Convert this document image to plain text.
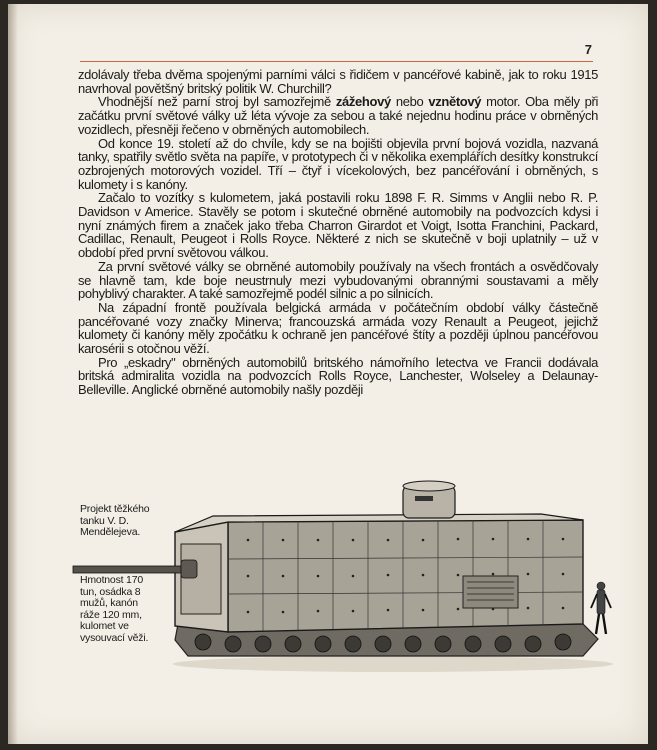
7

zdolávaly třeba dvěma spojenými parními válci s řidičem v pancéřové kabině, jak to roku 1915 navrhoval povětšný britský politik W. Churchill?

Vhodnější než parní stroj byl samozřejmě zážehový nebo vznětový motor. Oba měly při začátku první světové války už léta vývoje za sebou a také nejednu hodinu práce v obrněných vozidlech, přesněji řečeno v obrněných automobilech.

Od konce 19. století až do chvíle, kdy se na bojišti objevila první bojová vozidla, nazvaná tanky, spatřily světlo světa na papíře, v prototypech či v několika exemplářích desítky konstrukcí ozbrojených motorových vozidel. Tří – čtyř i vícekolových, bez pancéřování i obrněných, s kulomety i s kanóny.

Začalo to vozítky s kulometem, jaká postavili roku 1898 F. R. Simms v Anglii nebo R. P. Davidson v Americe. Stavěly se potom i skutečné obrněné automobily na podvozcích kdysi i nyní známých firem a značek jako třeba Charron Girardot et Voigt, Isotta Franchini, Packard, Cadillac, Renault, Peugeot i Rolls Royce. Některé z nich se skutečně v boji uplatnily – už v období před první světovou válkou.

Za první světové války se obrněné automobily používaly na všech frontách a osvědčovaly se hlavně tam, kde boje neustrnuly mezi vybudovanými obrannými soustavami a měly pohyblivý charakter. A také samozřejmě podél silnic a po silnicích.

Na západní frontě používala belgická armáda v počátečním období války částečně pancéřované vozy značky Minerva; francouzská armáda vozy Renault a Peugeot, jejichž kulomety či kanóny měly zpočátku k ochraně jen pancéřové štíty a později úplnou pancéřovou karosérii s otočnou věží.

Pro „eskadry" obrněných automobilů britského námořního letectva ve Francii dodávala britská admiralita vozidla na podvozcích Rolls Royce, Lanchester, Wolseley a Delaunay-Belleville. Anglické obrněné automobily našly později

Projekt těžkého tanku V. D. Mendělejeva.
Hmotnost 170 tun, osádka 8 mužů, kanón ráže 120 mm, kulomet ve vysouvací věži.
